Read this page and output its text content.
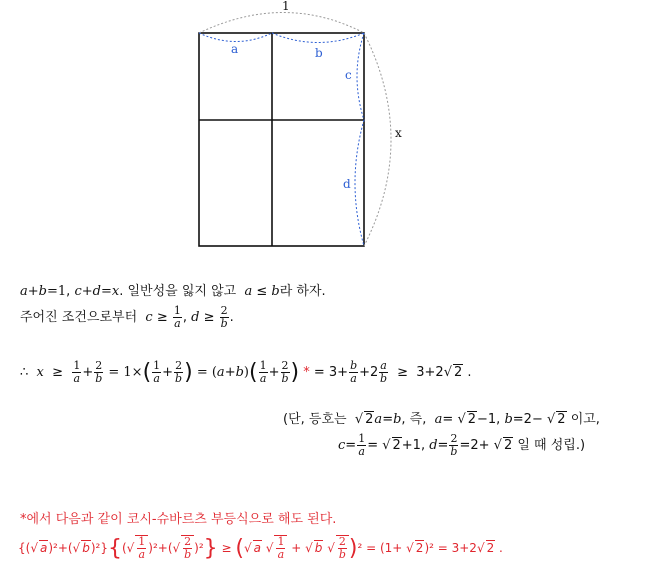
1
a	b
c
d
x
a+b=1, c+d=x. 일반성을 잃지 않고 a ≤ b라 하자.
주어진 조건으로부터 $c \ge \frac{1}{a}$ , $d \ge \frac{2}{b}$ .
∴  $x \ge \frac{1}{a} + \frac{2}{b} = 1\times( \frac{1}{a} + \frac{2}{b}$ ) = $(a+b)( \frac{1}{a} + \frac{2}{b}$ ) * = $3+ \frac{b}{a} +2 \frac{a}{b} \ge 3+2√$ 2 .
(단, 등호는  √ 2a=b, 즉, a= √ 2−1, b=2− √ 2 이고,
$c= \frac{1}{a}$ = √ 2+1, $d= \frac{2}{b} =2+$ √ 2 일 때 성립.)
*에서 다음과 같이 코시-슈바르츠 부등식으로 해도 된다.
{(√ a)²+(√ $b)^2\}\{(√ \frac{1}{a} )^2+(√ \frac{2}{b} )^2\}$ ≥ (√ a √ $\frac{1}{a}$ + √ b √ $\frac{2}{b} )^2 = (1+$ √ 2)² = 3+2√ 2 .
